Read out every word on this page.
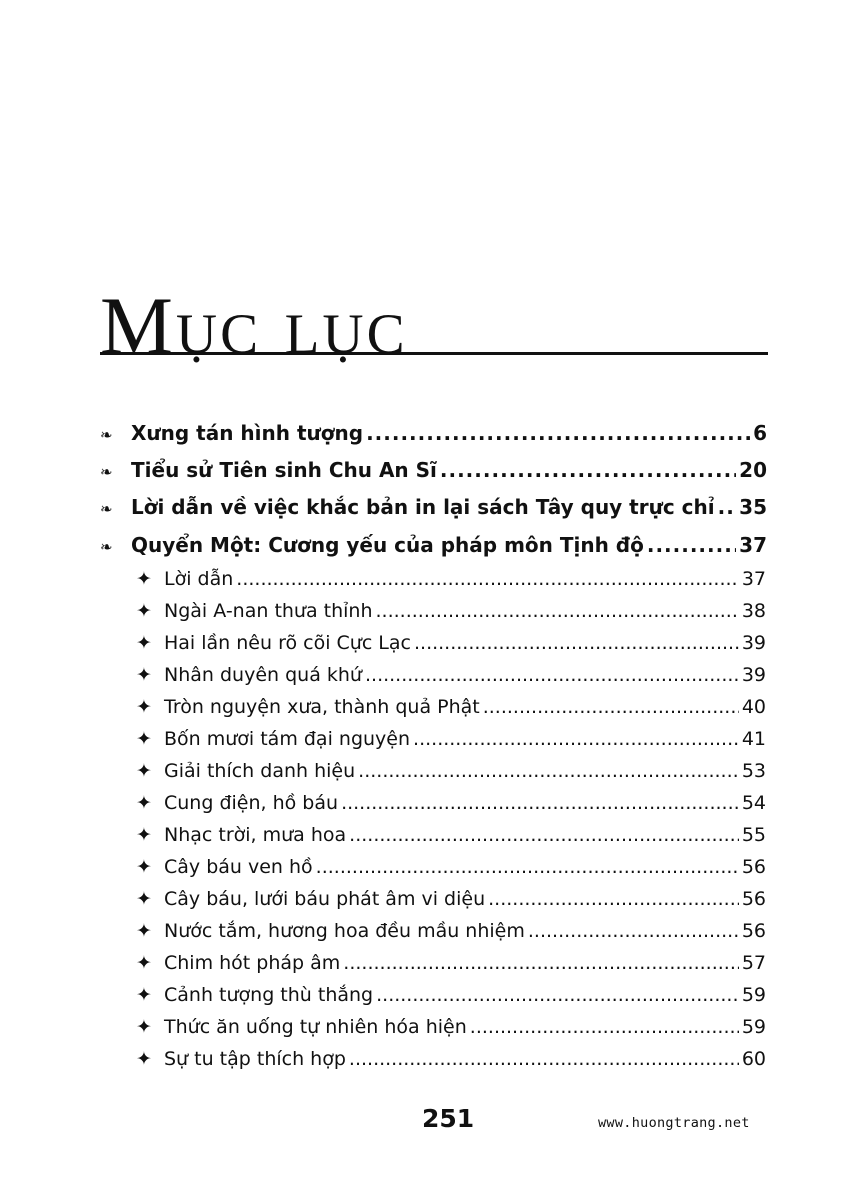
Mục lục
❧ Xưng tán hình tượng .....	6
❧ Tiểu sử Tiên sinh Chu An Sĩ .....	20
❧ Lời dẫn về việc khắc bản in lại sách Tây quy trực chỉ ..... 35
❧ Quyển Một: Cương yếu của pháp môn Tịnh độ .....	37
✦ Lời dẫn .....	37
✦ Ngài A-nan thưa thỉnh .....	38
✦ Hai lần nêu rõ cõi Cực Lạc .....	39
✦ Nhân duyên quá khứ .....	39
✦ Tròn nguyện xưa, thành quả Phật .....	40
✦ Bốn mươi tám đại nguyện .....	41
✦ Giải thích danh hiệu .....	53
✦ Cung điện, hồ báu .....	54
✦ Nhạc trời, mưa hoa .....	55
✦ Cây báu ven hồ .....	56
✦ Cây báu, lưới báu phát âm vi diệu .....	56
✦ Nước tắm, hương hoa đều mầu nhiệm .....	56
✦ Chim hót pháp âm .....	57
✦ Cảnh tượng thù thắng .....	59
✦ Thức ăn uống tự nhiên hóa hiện .....	59
✦ Sự tu tập thích hợp .....	60
251	www.huongtrang.net
